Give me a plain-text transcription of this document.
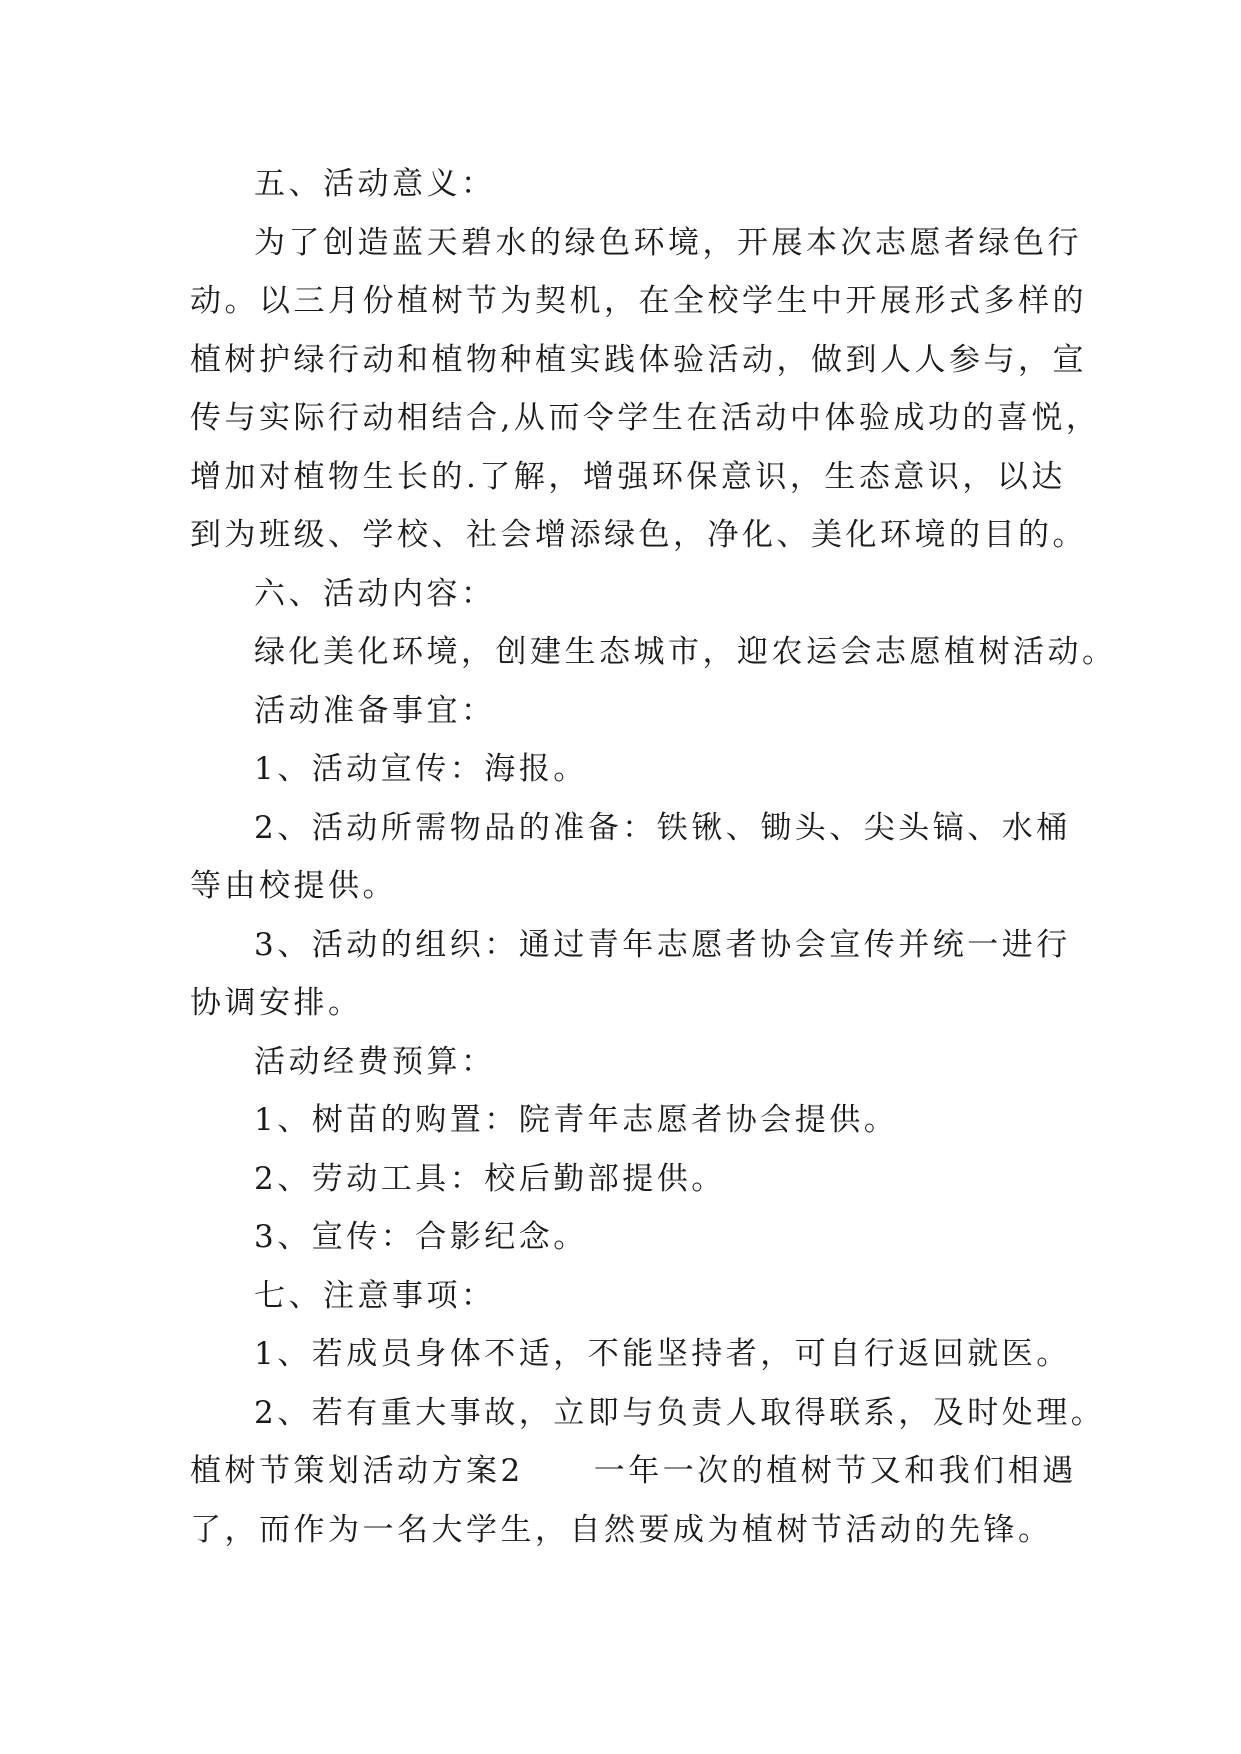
五、活动意义：
为了创造蓝天碧水的绿色环境，开展本次志愿者绿色行
动。以三月份植树节为契机，在全校学生中开展形式多样的
植树护绿行动和植物种植实践体验活动，做到人人参与，宣
传与实际行动相结合,从而令学生在活动中体验成功的喜悦，
增加对植物生长的.了解，增强环保意识，生态意识，以达
到为班级、学校、社会增添绿色，净化、美化环境的目的。
六、活动内容：
绿化美化环境，创建生态城市，迎农运会志愿植树活动。
活动准备事宜：
1、活动宣传：海报。
2、活动所需物品的准备：铁锹、锄头、尖头镐、水桶
等由校提供。
3、活动的组织：通过青年志愿者协会宣传并统一进行
协调安排。
活动经费预算：
1、树苗的购置：院青年志愿者协会提供。
2、劳动工具：校后勤部提供。
3、宣传：合影纪念。
七、注意事项：
1、若成员身体不适，不能坚持者，可自行返回就医。
2、若有重大事故，立即与负责人取得联系，及时处理。
植树节策划活动方案2 一年一次的植树节又和我们相遇
了，而作为一名大学生，自然要成为植树节活动的先锋。
